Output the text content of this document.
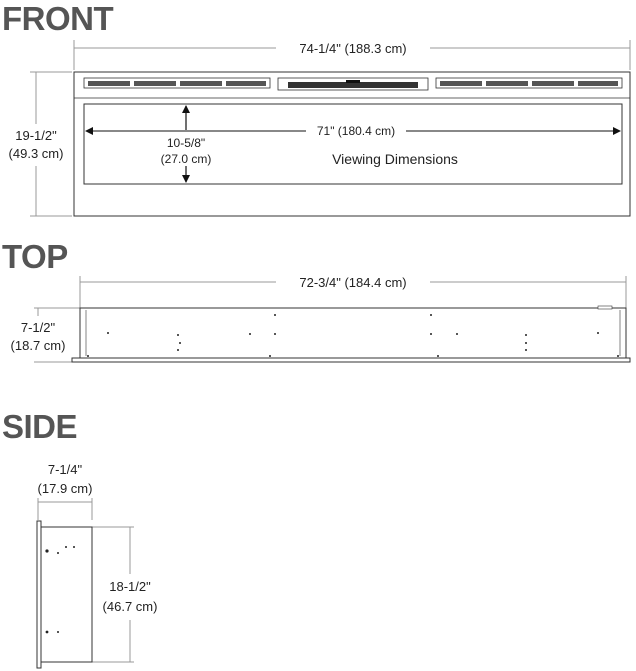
FRONT
TOP
SIDE
74-1/4" (188.3 cm)
19-1/2"
(49.3 cm)
71" (180.4 cm)
10-5/8"
(27.0 cm)	Viewing Dimensions
72-3/4" (184.4 cm)
7-1/2"
(18.7 cm)
7-1/4"
(17.9 cm)
18-1/2"
(46.7 cm)
